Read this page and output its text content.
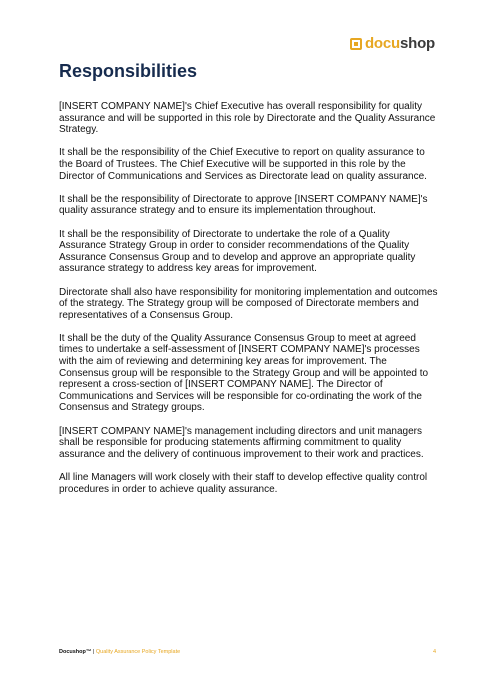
docushop
Responsibilities

[INSERT COMPANY NAME]'s Chief Executive has overall responsibility for quality assurance and will be supported in this role by Directorate and the Quality Assurance Strategy.

It shall be the responsibility of the Chief Executive to report on quality assurance to the Board of Trustees. The Chief Executive will be supported in this role by the Director of Communications and Services as Directorate lead on quality assurance.

It shall be the responsibility of Directorate to approve [INSERT COMPANY NAME]'s quality assurance strategy and to ensure its implementation throughout.

It shall be the responsibility of Directorate to undertake the role of a Quality Assurance Strategy Group in order to consider recommendations of the Quality Assurance Consensus Group and to develop and approve an appropriate quality assurance strategy to address key areas for improvement.

Directorate shall also have responsibility for monitoring implementation and outcomes of the strategy. The Strategy group will be composed of Directorate members and representatives of a Consensus Group.

It shall be the duty of the Quality Assurance Consensus Group to meet at agreed times to undertake a self-assessment of [INSERT COMPANY NAME]'s processes with the aim of reviewing and determining key areas for improvement. The Consensus group will be responsible to the Strategy Group and will be appointed to represent a cross-section of [INSERT COMPANY NAME]. The Director of Communications and Services will be responsible for co-ordinating the work of the Consensus and Strategy groups.

[INSERT COMPANY NAME]'s management including directors and unit managers shall be responsible for producing statements affirming commitment to quality assurance and the delivery of continuous improvement to their work and practices.

All line Managers will work closely with their staff to develop effective quality control procedures in order to achieve quality assurance.

Docushop™ | Quality Assurance Policy Template	4
